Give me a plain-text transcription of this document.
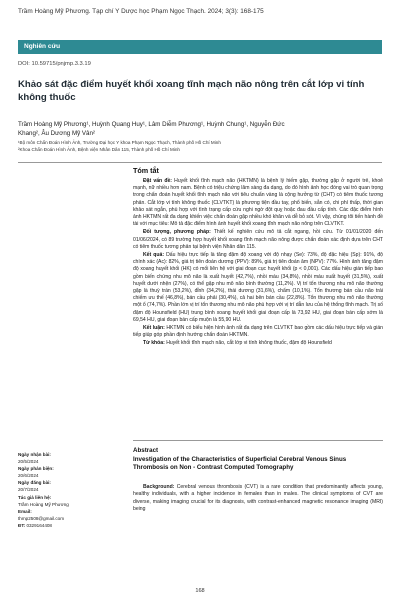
Trầm Hoàng Mỹ Phương. Tạp chí Y Dược học Phạm Ngọc Thạch. 2024; 3(3): 168-175
Nghiên cứu
DOI: 10.59715/pnjmp.3.3.19
Khảo sát đặc điểm huyết khối xoang tĩnh mạch não nông trên cắt lớp vi tính không thuốc
Trầm Hoàng Mỹ Phương¹, Huỳnh Quang Huy¹, Lâm Diễm Phương¹, Huỳnh Chung¹, Nguyễn Đức
Khang², Âu Dương Mỹ Vân²
¹Bộ môn Chẩn Đoán Hình Ảnh, Trường Đại học Y khoa Phạm Ngọc Thạch, Thành phố Hồ Chí Minh
²Khoa Chẩn Đoán Hình Ảnh, Bệnh viện Nhân Dân 115, Thành phố Hồ Chí Minh
Tóm tắt

Đặt vấn đề: Huyết khối tĩnh mạch não (HKTMN) là bệnh lý hiếm gặp, thường gặp ở người trẻ, khoẻ mạnh, nữ nhiều hơn nam. Bệnh có triệu chứng lâm sàng đa dạng, do đó hình ảnh học đóng vai trò quan trọng trong chẩn đoán huyết khối tĩnh mạch não với tiêu chuẩn vàng là cộng hưởng từ (CHT) có tiêm thuốc tương phản. Cắt lớp vi tính không thuốc (CLVTKT) là phương tiện đầu tay, phổ biến, sẵn có, chi phí thấp, thời gian khảo sát ngắn, phù hợp với tình trạng cấp cứu nghi ngờ đột quỵ hoặc đau đầu cấp tính. Các đặc điểm hình ảnh HKTMN rất đa dạng khiến việc chẩn đoán gặp nhiều khó khăn và dễ bỏ sót. Vì vậy, chúng tôi tiến hành đề tài với mục tiêu: Mô tả đặc điểm hình ảnh huyết khối xoang tĩnh mạch não nông trên CLVTKT.

Đối tượng, phương pháp: Thiết kế nghiên cứu mô tả cắt ngang, hồi cứu. Từ 01/01/2020 đến 01/06/2024, có 89 trường hợp huyết khối xoang tĩnh mạch não nông được chẩn đoán xác định dựa trên CHT có tiêm thuốc tương phản tại bệnh viện Nhân dân 115.

Kết quả: Dấu hiệu trực tiếp là tăng đậm độ xoang với độ nhạy (Se): 73%, độ đặc hiệu (Sp): 91%, độ chính xác (Ac): 82%, giá trị tiên đoán dương (PPV): 89%, giá trị tiên đoán âm (NPV): 77%. Hình ảnh tăng đậm độ xoang huyết khối (HK) có mối liên hệ với giai đoạn cục huyết khối (p < 0,001). Các dấu hiệu gián tiếp bao gồm biến chứng nhu mô não là xuất huyết (42,7%), nhồi máu (34,8%), nhồi máu xuất huyết (31,5%), xuất huyết dưới nhện (27%), có thể gặp nhu mô não bình thường (11,2%). Vị trí tổn thương nhu mô não thường gặp là thuỳ trán (53,2%), đỉnh (34,2%), thái dương (31,6%), chẩm (10,1%). Tổn thương bán cầu não trái chiếm ưu thế (46,8%), bán cầu phải (30,4%), cả hai bên bán cầu (22,8%). Tổn thương nhu mô não thường một ổ (74,7%). Phần lớn vị trí tổn thương nhu mô não phù hợp với vị trí dẫn lưu của hệ thống tĩnh mạch. Trị số đậm độ Hounsfield (HU) trung bình xoang huyết khối giai đoạn cấp là 73,92 HU, giai đoạn bán cấp sớm là 69,54 HU, giai đoạn bán cấp muộn là 55,90 HU.

Kết luận: HKTMN có biểu hiện hình ảnh rất đa dạng trên CLVTKT bao gồm các dấu hiệu trực tiếp và gián tiếp giúp góp phần định hướng chẩn đoán HKTMN.

Từ khóa: Huyết khối tĩnh mạch não, cắt lớp vi tính không thuốc, đậm độ Hounsfield

Ngày nhận bài:
20/5/2024
Ngày phản biện:
20/6/2024
Ngày đăng bài:
20/7/2024
Tác giả liên hệ:
Trầm Hoàng Mỹ Phương
Email:
thmp2508@gmail.com
ĐT: 0329164408
Abstract
Investigation of the Characteristics of Superficial Cerebral Venous Sinus Thrombosis on Non - Contrast Computed Tomography
Background: Cerebral venous thrombosis (CVT) is a rare condition that predominantly affects young, healthy individuals, with a higher incidence in females than in males. The clinical symptoms of CVT are diverse, making imaging crucial for its diagnosis, with contrast-enhanced magnetic resonance imaging (MRI) being
168
